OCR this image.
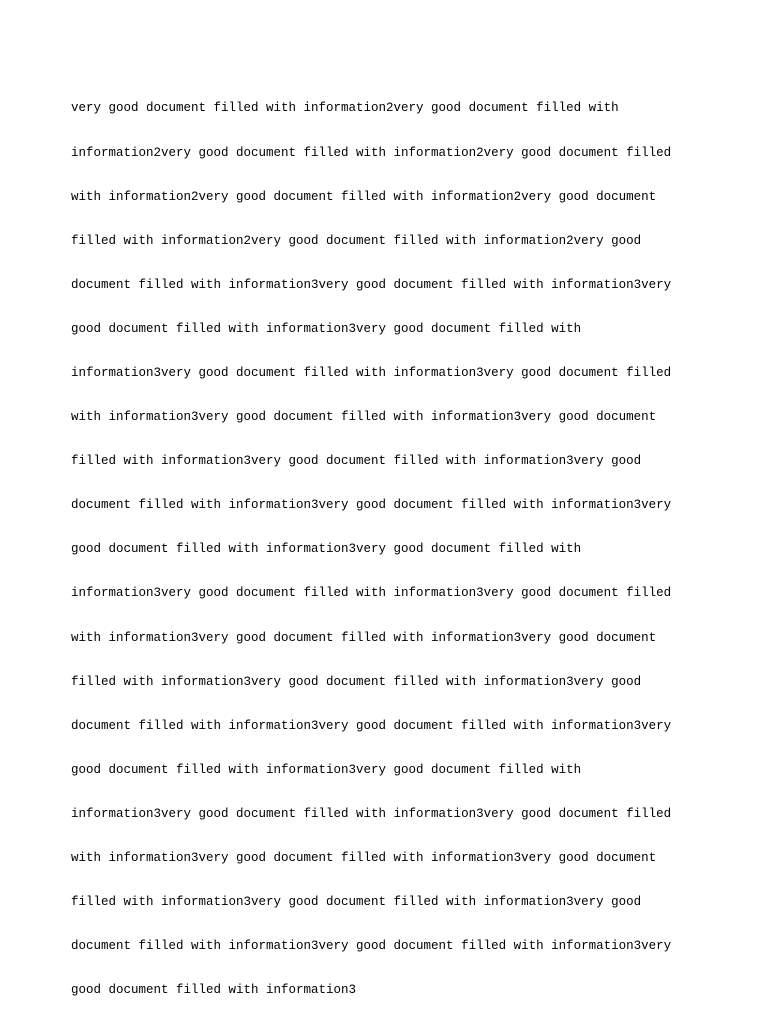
very good document filled with information2very good document filled with

information2very good document filled with information2very good document filled

with information2very good document filled with information2very good document

filled with information2very good document filled with information2very good

document filled with information3very good document filled with information3very

good document filled with information3very good document filled with

information3very good document filled with information3very good document filled

with information3very good document filled with information3very good document

filled with information3very good document filled with information3very good

document filled with information3very good document filled with information3very

good document filled with information3very good document filled with

information3very good document filled with information3very good document filled

with information3very good document filled with information3very good document

filled with information3very good document filled with information3very good

document filled with information3very good document filled with information3very

good document filled with information3very good document filled with

information3very good document filled with information3very good document filled

with information3very good document filled with information3very good document

filled with information3very good document filled with information3very good

document filled with information3very good document filled with information3very

good document filled with information3
